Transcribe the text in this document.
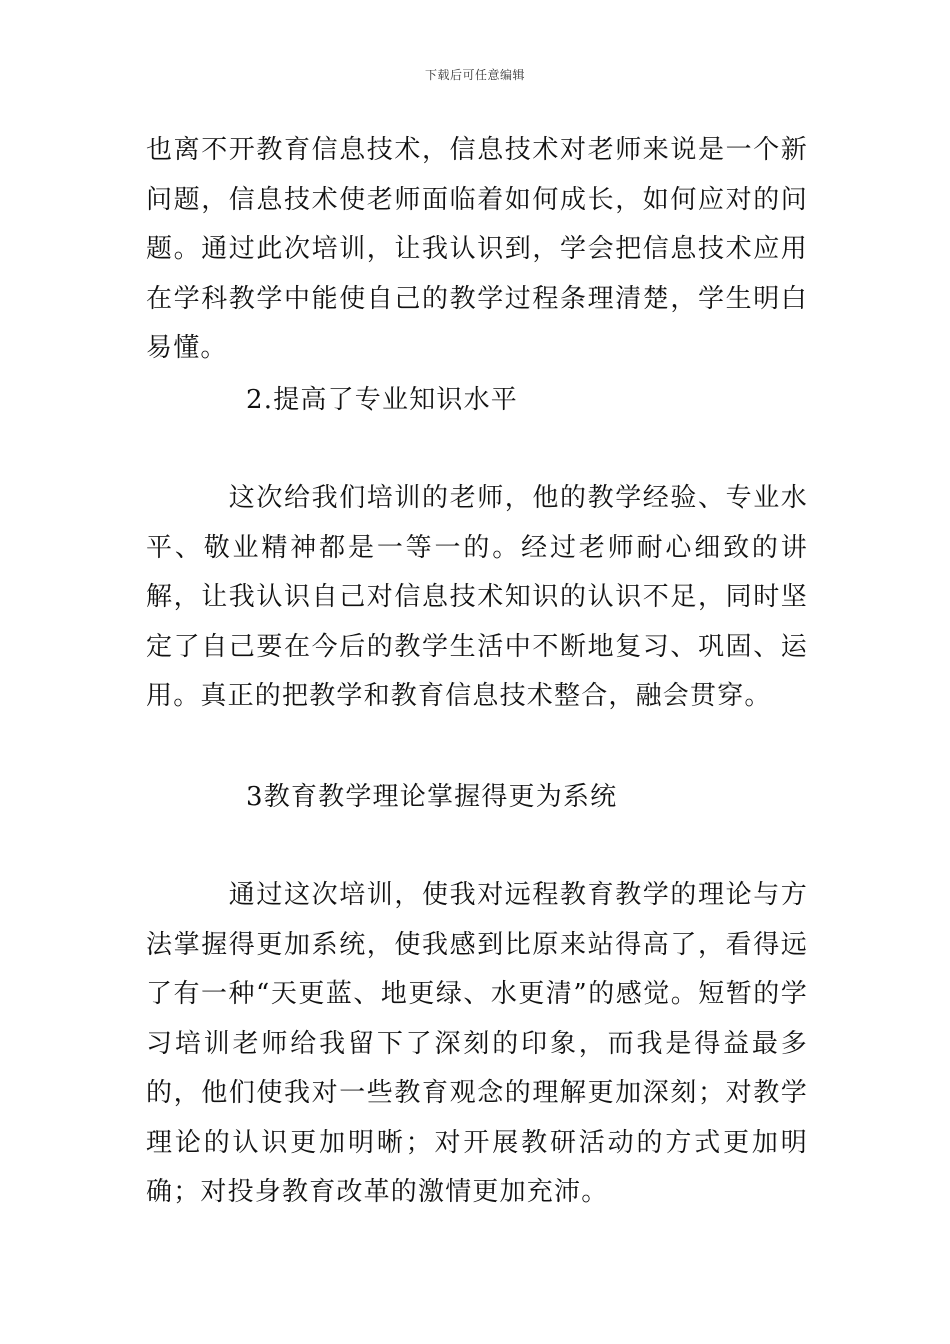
下载后可任意编辑

也离不开教育信息技术，信息技术对老师来说是一个新问题，信息技术使老师面临着如何成长，如何应对的问题。通过此次培训，让我认识到，学会把信息技术应用在学科教学中能使自己的教学过程条理清楚，学生明白易懂。

2.提高了专业知识水平

　　　这次给我们培训的老师，他的教学经验、专业水平、敬业精神都是一等一的。经过老师耐心细致的讲解，让我认识自己对信息技术知识的认识不足，同时坚定了自己要在今后的教学生活中不断地复习、巩固、运用。真正的把教学和教育信息技术整合，融会贯穿。

3教育教学理论掌握得更为系统

　　　通过这次培训，使我对远程教育教学的理论与方法掌握得更加系统，使我感到比原来站得高了，看得远了有一种“天更蓝、地更绿、水更清”的感觉。短暂的学习培训老师给我留下了深刻的印象，而我是得益最多的，他们使我对一些教育观念的理解更加深刻；对教学理论的认识更加明晰；对开展教研活动的方式更加明确；对投身教育改革的激情更加充沛。
